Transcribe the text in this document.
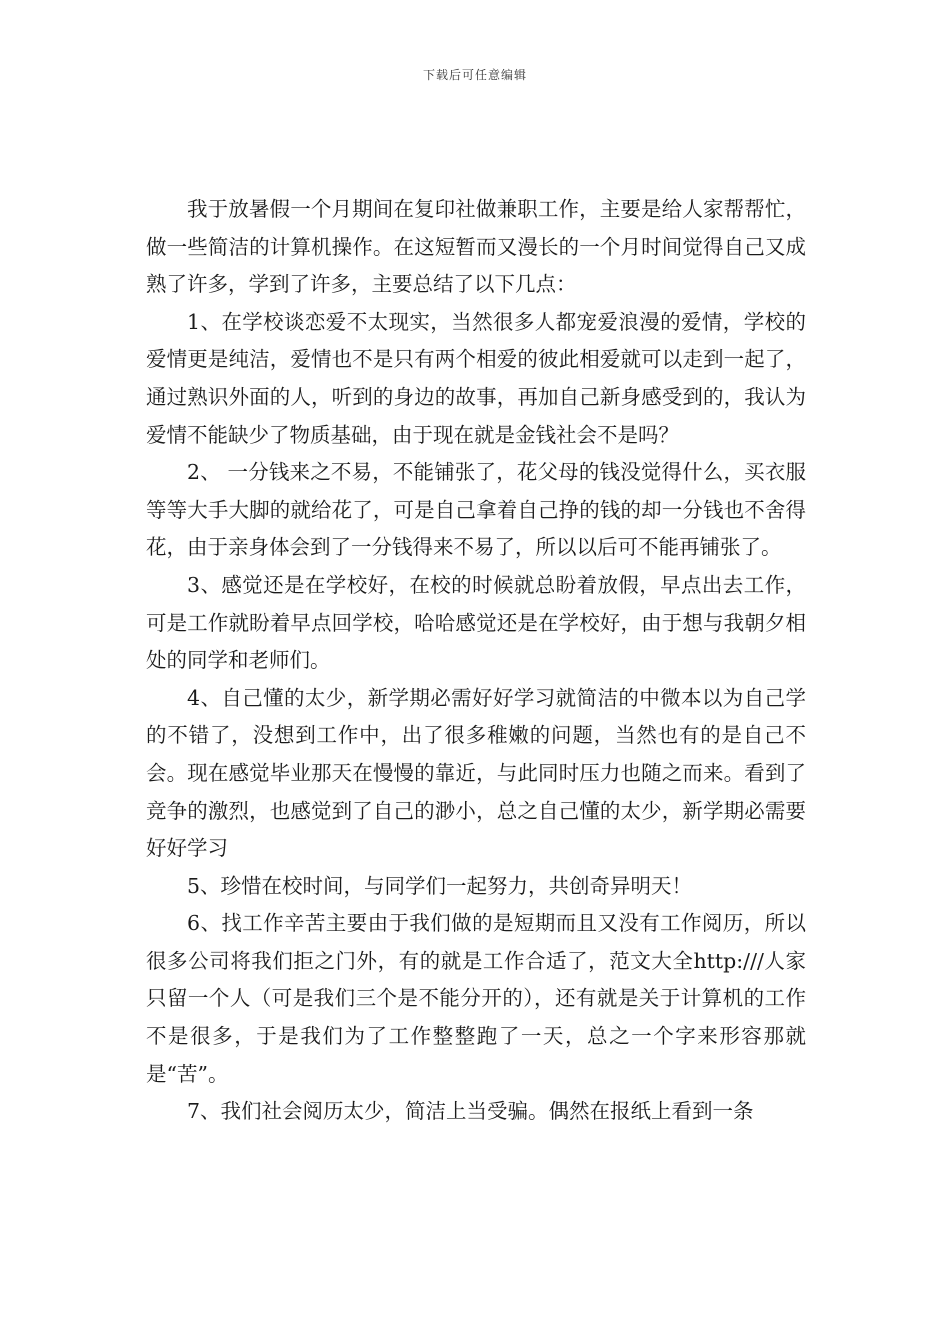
下载后可任意编辑

我于放暑假一个月期间在复印社做兼职工作，主要是给人家帮帮忙，做一些简洁的计算机操作。在这短暂而又漫长的一个月时间觉得自己又成熟了许多，学到了许多，主要总结了以下几点：

1、在学校谈恋爱不太现实，当然很多人都宠爱浪漫的爱情，学校的爱情更是纯洁，爱情也不是只有两个相爱的彼此相爱就可以走到一起了，通过熟识外面的人，听到的身边的故事，再加自己新身感受到的，我认为爱情不能缺少了物质基础，由于现在就是金钱社会不是吗？

2、 一分钱来之不易，不能铺张了，花父母的钱没觉得什么，买衣服等等大手大脚的就给花了，可是自己拿着自己挣的钱的却一分钱也不舍得花，由于亲身体会到了一分钱得来不易了，所以以后可不能再铺张了。

3、感觉还是在学校好，在校的时候就总盼着放假，早点出去工作，可是工作就盼着早点回学校，哈哈感觉还是在学校好，由于想与我朝夕相处的同学和老师们。

4、自己懂的太少，新学期必需好好学习就简洁的中微本以为自己学的不错了，没想到工作中，出了很多稚嫩的问题，当然也有的是自己不会。现在感觉毕业那天在慢慢的靠近，与此同时压力也随之而来。看到了竞争的激烈，也感觉到了自己的渺小，总之自己懂的太少，新学期必需要好好学习

5、珍惜在校时间，与同学们一起努力，共创奇异明天！

6、找工作辛苦主要由于我们做的是短期而且又没有工作阅历，所以很多公司将我们拒之门外，有的就是工作合适了，范文大全http:///人家只留一个人（可是我们三个是不能分开的），还有就是关于计算机的工作不是很多，于是我们为了工作整整跑了一天，总之一个字来形容那就是“苦”。

7、我们社会阅历太少，简洁上当受骗。偶然在报纸上看到一条
